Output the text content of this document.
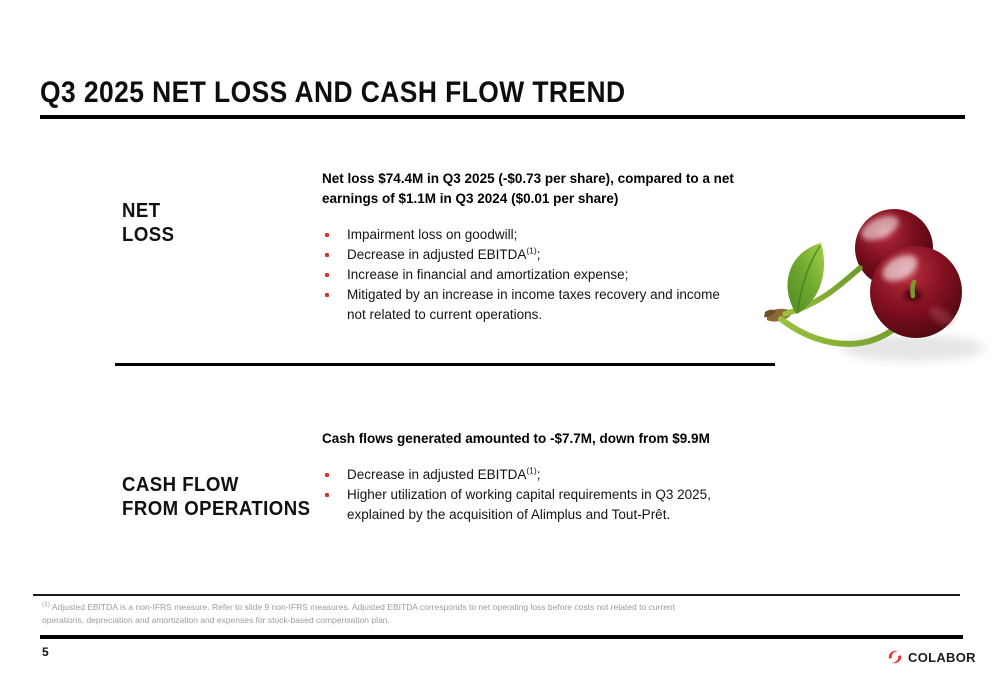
Q3 2025 NET LOSS AND CASH FLOW TREND
NET
LOSS

Net loss $74.4M in Q3 2025 (-$0.73 per share), compared to a net earnings of $1.1M in Q3 2024 ($0.01 per share)

Impairment loss on goodwill;
Decrease in adjusted EBITDA$^{(1)}$;
Increase in financial and amortization expense;
Mitigated by an increase in income taxes recovery and income not related to current operations.
CASH FLOW
FROM OPERATIONS

Cash flows generated amounted to -$7.7M, down from $9.9M

Decrease in adjusted EBITDA$^{(1)}$;
Higher utilization of working capital requirements in Q3 2025, explained by the acquisition of Alimplus and Tout-Prêt.
$^{(1)}$ Adjusted EBITDA is a non-IFRS measure. Refer to slide 9 non-IFRS measures. Adjusted EBITDA corresponds to net operating loss before costs not related to current operations, depreciation and amortization and expenses for stock-based compensation plan.
5	COLABOR
